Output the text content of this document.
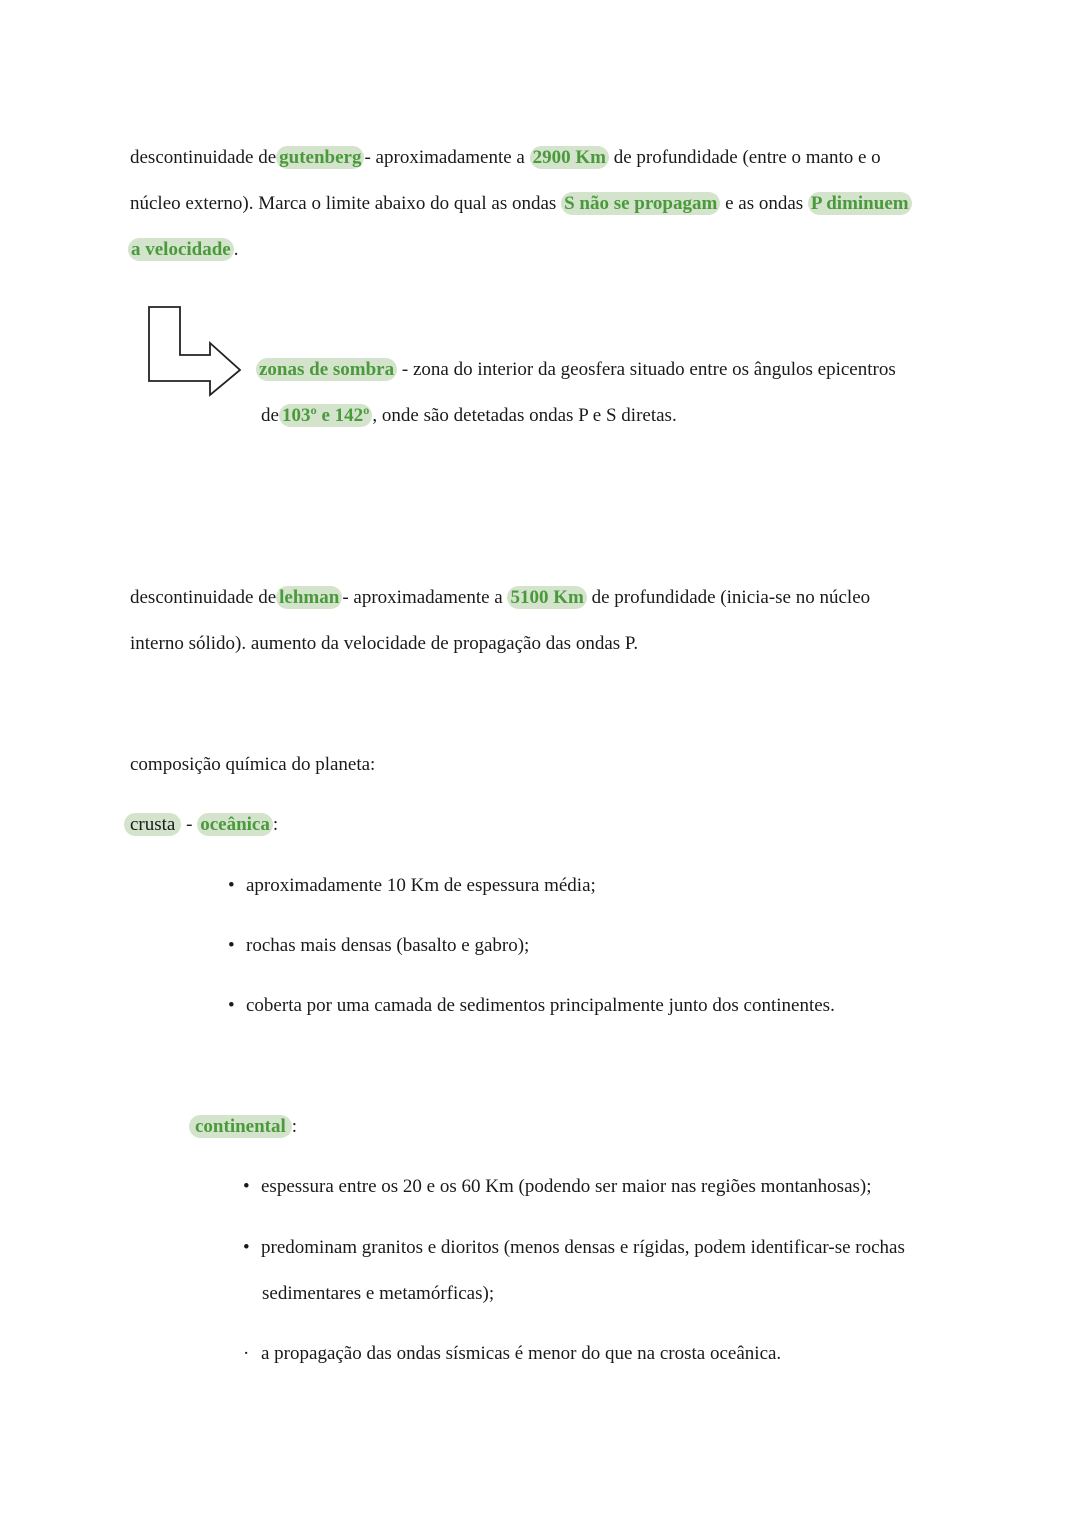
descontinuidade de gutenberg - aproximadamente a 2900 Km de profundidade (entre o manto e o
núcleo externo). Marca o limite abaixo do qual as ondas S não se propagam e as ondas P diminuem
a velocidade .
zonas de sombra - zona do interior da geosfera situado entre os ângulos epicentros
de 103º e 142º , onde são detetadas ondas P e S diretas.
descontinuidade de lehman - aproximadamente a 5100 Km de profundidade (inicia-se no núcleo
interno sólido). aumento da velocidade de propagação das ondas P.
composição química do planeta:
crusta - oceânica :
• aproximadamente 10 Km de espessura média;
• rochas mais densas (basalto e gabro);
• coberta por uma camada de sedimentos principalmente junto dos continentes.
continental :
• espessura entre os 20 e os 60 Km (podendo ser maior nas regiões montanhosas);
• predominam granitos e dioritos (menos densas e rígidas, podem identificar-se rochas
sedimentares e metamórficas);
· a propagação das ondas sísmicas é menor do que na crosta oceânica.
